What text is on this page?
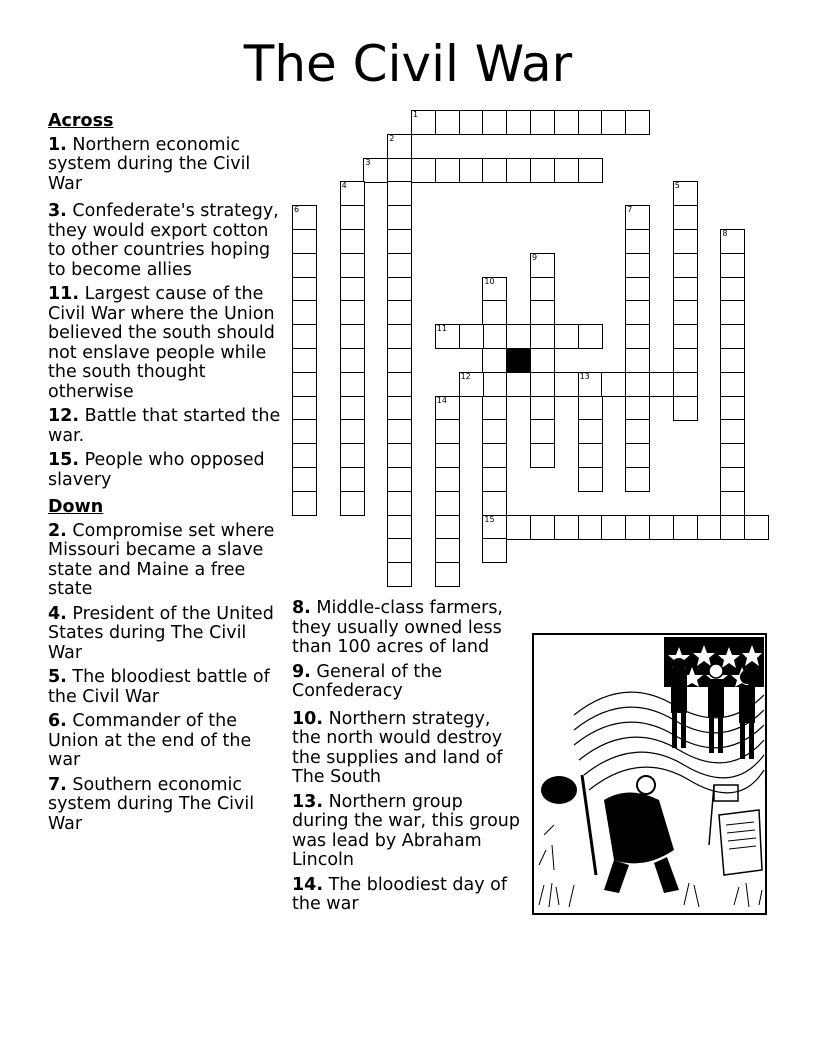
The Civil War
1
2
3
4	5
6	7
8
9
10
15
11
12	13
14
Across
1. Northern economic system during the Civil War
3. Confederate's strategy, they would export cotton to other countries hoping to become allies
11. Largest cause of the Civil War where the Union believed the south should not enslave people while the south thought otherwise
12. Battle that started the war.
15. People who opposed slavery
Down
2. Compromise set where Missouri became a slave state and Maine a free state
4. President of the United States during The Civil War
5. The bloodiest battle of the Civil War
6. Commander of the Union at the end of the war
7. Southern economic system during The Civil War
8. Middle-class farmers, they usually owned less than 100 acres of land
9. General of the Confederacy
10. Northern strategy, the north would destroy the supplies and land of The South
13. Northern group during the war, this group was lead by Abraham Lincoln
14. The bloodiest day of the war
